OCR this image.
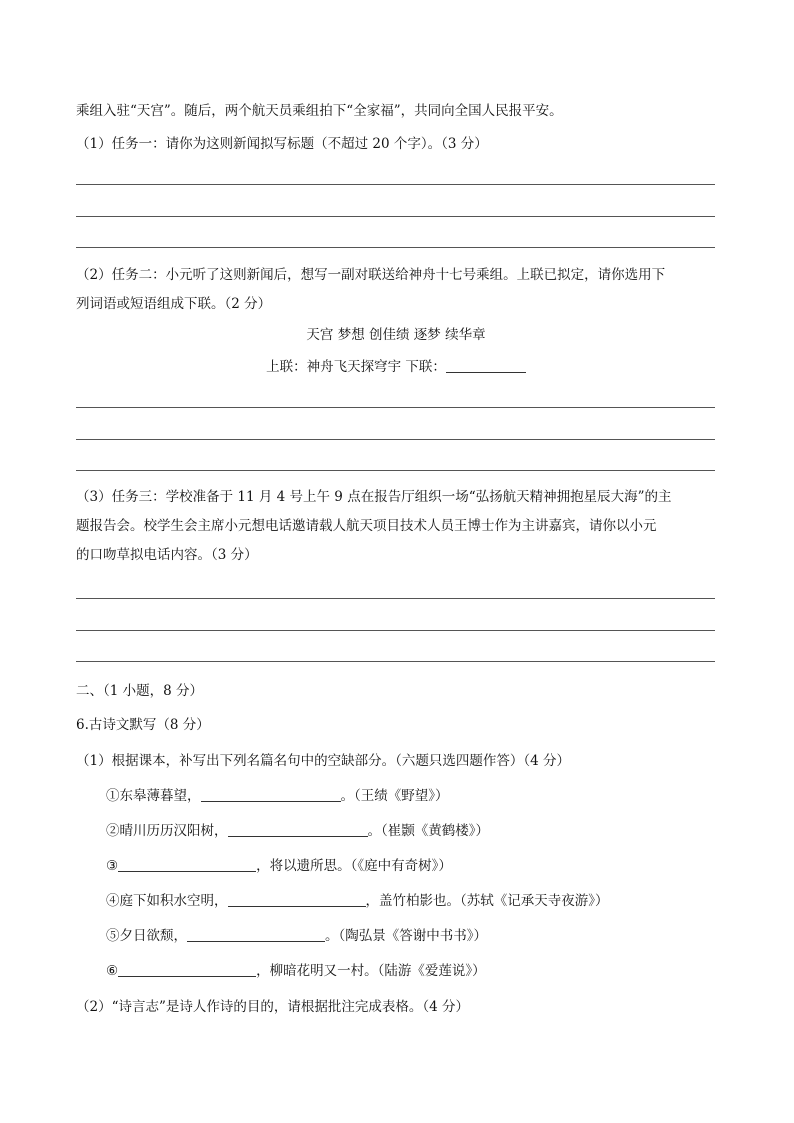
乘组入驻“天宫”。随后，两个航天员乘组拍下“全家福”，共同向全国人民报平安。
（1）任务一：请你为这则新闻拟写标题（不超过 20 个字）。（3 分）
（2）任务二：小元听了这则新闻后，想写一副对联送给神舟十七号乘组。上联已拟定，请你选用下
列词语或短语组成下联。（2 分）
天宫 梦想 创佳绩 逐梦 续华章
上联：神舟飞天探穹宇 下联：
（3）任务三：学校准备于 11 月 4 号上午 9 点在报告厅组织一场“弘扬航天精神拥抱星辰大海”的主
题报告会。校学生会主席小元想电话邀请载人航天项目技术人员王博士作为主讲嘉宾，请你以小元
的口吻草拟电话内容。（3 分）
二、（1 小题，8 分）
6.古诗文默写（8 分）
（1）根据课本，补写出下列名篇名句中的空缺部分。（六题只选四题作答）（4 分）
①东皋薄暮望，	。（王绩《野望》）
②晴川历历汉阳树，	。（崔颢《黄鹤楼》）
③	，将以遗所思。（《庭中有奇树》）
④庭下如积水空明，	，盖竹柏影也。（苏轼《记承天寺夜游》）
⑤夕日欲颓，	。（陶弘景《答谢中书书》）
⑥	，柳暗花明又一村。（陆游《爱莲说》）
（2）“诗言志”是诗人作诗的目的，请根据批注完成表格。（4 分）
